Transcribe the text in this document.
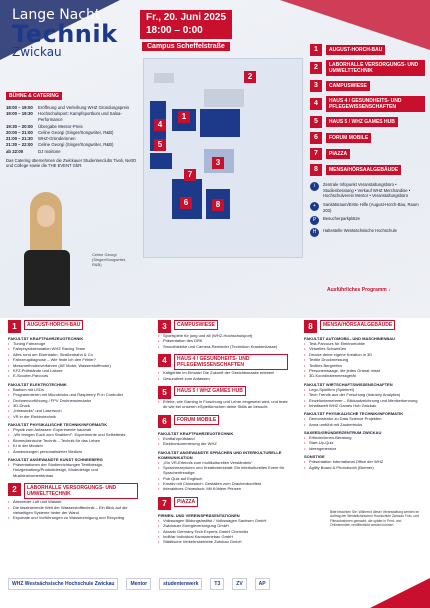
Lange Nacht
Technik
Zwickau
Fr., 20. Juni 2025
18:00 – 0:00
Campus Scheffelstraße
BÜHNE & CATERING
18:00 – 19:00	Eröffnung und Verleihung WHZ Gründungspreis
19:00 – 19:30	Hochschulsport: Kampfsportkurs und Salsa-Performance
19:30 – 20:00	Übergabe Mentor-Preis
20:00 – 21:00	Celine Georgi (Singer/Songwriter, R&B)
21:00 – 21:30	WHZ-Gründerinnen
21:30 – 22:00	Celine Georgi (Singer/Songwriter, R&B)
ab 22:00	DJ moiitone
Das Catering übernehmen die Zwickauer Studentenclubs Tivoli, NettO und College sowie die THE EVENT GbR.
Celine Georgi (Singer/Songwriter, R&B)
1
4
5
3
6	8
7
2
1	AUGUST-HORCH-BAU
2	LABORHALLE VERSORGUNGS- UND UMWELTTECHNIK
3	CAMPUSWIESE
4	HAUS 4 / GESUNDHEITS- UND PFLEGEWISSENSCHAFTEN
5	HAUS 5 / WHZ GAMES HUB
6	FORUM MOBILE
7	PIAZZA
8	MENSA/HÖRSAALGEBÄUDE
i	Zentrale Infopunkt Veranstaltungsbüro • Studienberatung • Verkauf WHZ Merchandise • Hochschulverein Mentor • Veranstaltungsbüro
+	Sanitätsraum/Erste Hilfe (August-Horch-Bau, Raum 203)
P	Besucherparkplätze
H	Haltestelle Westsächsische Hochschule
Ausführliches Programm ↓
1	AUGUST-HORCH-BAU
FAKULTÄT KRAFTFAHRZEUGTECHNIK
• Tuning Fahrzeuge
• Fahrphysiksimulation WHZ Racing Team
• Alles rund um Eisenbahn, Straßenbahn & Co
• Fahrzeugdiagnose – Wie finde ich den Fehler?
• Messmethodenverfahren (AE Motor, Wasserstoffmotor)
• KFZ-Prüfstände und Labore
• E-Scooter-Parcours
FAKULTÄT ELEKTROTECHNIK
• Badium mit LEDs
• Programmieren mit Microbricks und Raspberry Pi in Controller
• Drohnenvorführung / FPV Drohnensimulator
• 3D-Druck
• „Intraworks" und Lasersuch
• VR in der Elektrotechnik
FAKULTÄT PHYSIKALISCHE TECHNIK/INFORMATIK
• Physik zum Anfassen: Experimente hautnah
• „Wir bringen Euch zum Strahlen!": Experimente und Selbsttests
• Biomedizinische Technik – Technik für das Leben
• KI in der Medizin
• Anwendungen personalisierter Medizin
FAKULTÄT ANGEWANDTE KUNST SCHNEEBERG
• Präsentationen der Studienrichtungen Textildesign, Holzgestaltung/Produktdesign, Modedesign und Musikinstrumentenbau
2	LABORHALLE VERSORGUNGS- UND UMWELTTECHNIK
• Abenteuer Luft und Wasser
• Die faszinierende Welt der Wasserstofftechnik – Ein Blick auf die vielseitigen Systeme hinter der Wand
• Exponate und Vorführungen zu Wassereinigung und Recycling
3	CAMPUSWIESE
• Sportspiele für jung und alt (WHZ-Hochschulsport)
• Präsentation des DRK
• Smoothiebike und Camera-Reminder (Technikon Krankenkasse)
4	HAUS 4 / GESUNDHEITS- UND PFLEGEWISSENSCHAFTEN
• Kaltgeräte im Einsatz! Die Zukunft der Gesichtsmaske erleben!
• Gesundheit zum Anfassen
5	HAUS 5 / WHZ GAMES HUB
• Erlebe, wie Gaming in Forschung und Lehre eingesetzt wird, und teste dir wie bei unseren eSpieltürmchen deine Skills an besucht.
6	FORUM MOBILE
FAKULTÄT KRAFTFAHRZEUGTECHNIK
• Echtfahrprüfstand
• Elektronsummierung der WHZ
FAKULTÄT ANGEWANDTE SPRACHEN UND INTERKULTURELLE KOMMUNIKATION
• „Ein VR-Erlebnis zum multikulturellen Verständnis"
• Sprachrezepturen und Kreativwerkstatt: Ein interkulturelles Event für Sprachenfreudige
• Pub Quiz auf Englisch
• Kreativ mit Chinesisch: Gestalten zum Drachenbootfest
• Interaktives Chinesisch: Mit Kühlem Prinzen
7	PIAZZA
FIRMEN- UND VEREINSPRÄSENTATIONEN
• Volkswagen Bildungsinstitut / Volkswagen Sachsen GmbH
• Zwickauer Energieversorgung GmbH
• Abrado Germany Tech Experts GmbH Chemnitz
• IndMar Individual Karosseriebau GmbH
• Städtische Verkehrsbetriebe Zwickau GmbH
8	MENSA/HÖRSAALGEBÄUDE
FAKULTÄT AUTOMOBIL- UND MASCHINENBAU
• Test-Parcours für Elektromobile
• Virtuelles Schweißen
• Drucke deine eigene Kreation in 3D
• Textile Druckmessung
• Textiles Bergreifen
• Personenwaage, die jedes Granat misst
• 3D-Koordinatenmessgerät
FAKULTÄT WIRTSCHAFTSWISSENSCHAFTEN
• Lego-Spielfirm (Spielerei)
• Tech Trends aus der Forschung (Industry Analytics)
• Einzelunternehmer – Blickaufzeichnung und Mimikerkennung
• Inhaltsweit WHZ Games Hub Zwickau
FAKULTÄT PHYSIKALISCHE TECHNIK/INFORMATIK
• Demonstrator zu Data Science Projekten
• Anna umfühlt mit Zaubertricks
SAXEED/GRÜNDERZENTRUM ZWICKAU
• Erfinder/innen-Beratung
• Start-Up-Quiz
• Ideengenerator
SONSTIGE
• Präsentation International Office der WHZ
• Agility Board & Photobooth (Bremer)
Bitte beachten Sie: Während dieser Veranstaltung werden im Auftrag der Westsächsischen Hochschule Zwickau Foto- und Filmaufnahmen gemacht, die später in Print- und Onlinemedien veröffentlicht werden können.
WHZ Westsächsische Hochschule Zwickau	Mentor	studentenwerk	T3	ZV	AP
